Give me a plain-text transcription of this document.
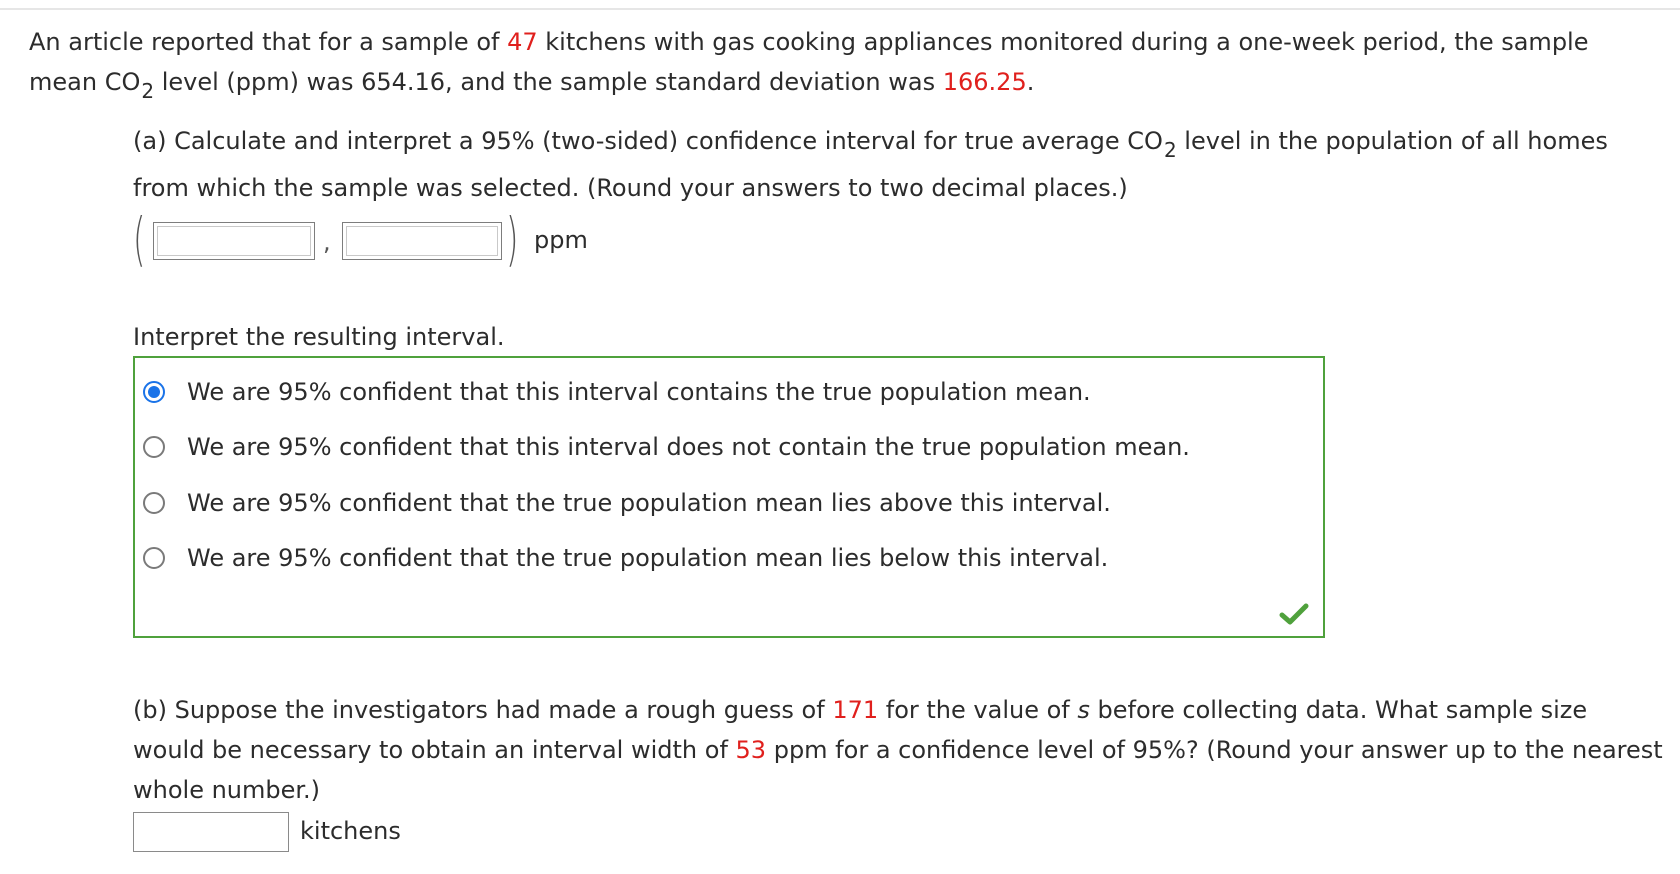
An article reported that for a sample of 47 kitchens with gas cooking appliances monitored during a one-week period, the sample mean $CO_2$ level (ppm) was 654.16, and the sample standard deviation was 166.25.
(a) Calculate and interpret a 95% (two-sided) confidence interval for true average $CO_2$ level in the population of all homes from which the sample was selected. (Round your answers to two decimal places.)
(	,	) ppm
Interpret the resulting interval.
We are 95% confident that this interval contains the true population mean.
We are 95% confident that this interval does not contain the true population mean.
We are 95% confident that the true population mean lies above this interval.
We are 95% confident that the true population mean lies below this interval.
(b) Suppose the investigators had made a rough guess of 171 for the value of s before collecting data. What sample size would be necessary to obtain an interval width of 53 ppm for a confidence level of 95%? (Round your answer up to the nearest whole number.)
kitchens
